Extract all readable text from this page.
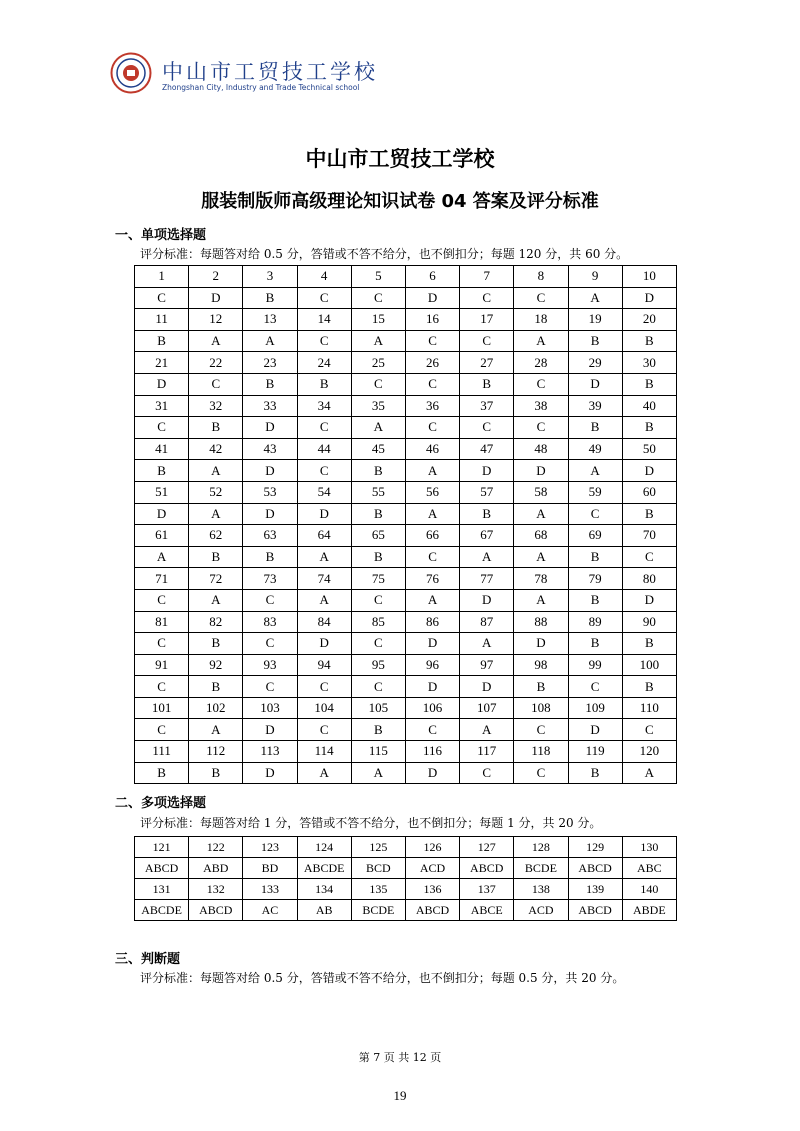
中山市工贸技工学校
Zhongshan City, Industry and Trade Technical school
中山市工贸技工学校
服装制版师高级理论知识试卷 04 答案及评分标准
一、单项选择题
评分标准：每题答对给 0.5 分，答错或不答不给分，也不倒扣分；每题 120 分，共 60 分。
1	2	3	4	5	6	7	8	9	10
C	D	B	C	C	D	C	C	A	D
11	12	13	14	15	16	17	18	19	20
B	A	A	C	A	C	C	A	B	B
21	22	23	24	25	26	27	28	29	30
D	C	B	B	C	C	B	C	D	B
31	32	33	34	35	36	37	38	39	40
C	B	D	C	A	C	C	C	B	B
41	42	43	44	45	46	47	48	49	50
B	A	D	C	B	A	D	D	A	D
51	52	53	54	55	56	57	58	59	60
D	A	D	D	B	A	B	A	C	B
61	62	63	64	65	66	67	68	69	70
A	B	B	A	B	C	A	A	B	C
71	72	73	74	75	76	77	78	79	80
C	A	C	A	C	A	D	A	B	D
81	82	83	84	85	86	87	88	89	90
C	B	C	D	C	D	A	D	B	B
91	92	93	94	95	96	97	98	99	100
C	B	C	C	C	D	D	B	C	B
101	102	103	104	105	106	107	108	109	110
C	A	D	C	B	C	A	C	D	C
111	112	113	114	115	116	117	118	119	120
B	B	D	A	A	D	C	C	B	A
二、多项选择题
评分标准：每题答对给 1 分，答错或不答不给分，也不倒扣分；每题 1 分，共 20 分。
121	122	123	124	125	126	127	128	129	130
ABCD	ABD	BD	ABCDE	BCD	ACD	ABCD	BCDE	ABCD	ABC
131	132	133	134	135	136	137	138	139	140
ABCDE	ABCD	AC	AB	BCDE	ABCD	ABCE	ACD	ABCD	ABDE
三、判断题
评分标准：每题答对给 0.5 分，答错或不答不给分，也不倒扣分；每题 0.5 分，共 20 分。
第 7 页 共 12 页
19
